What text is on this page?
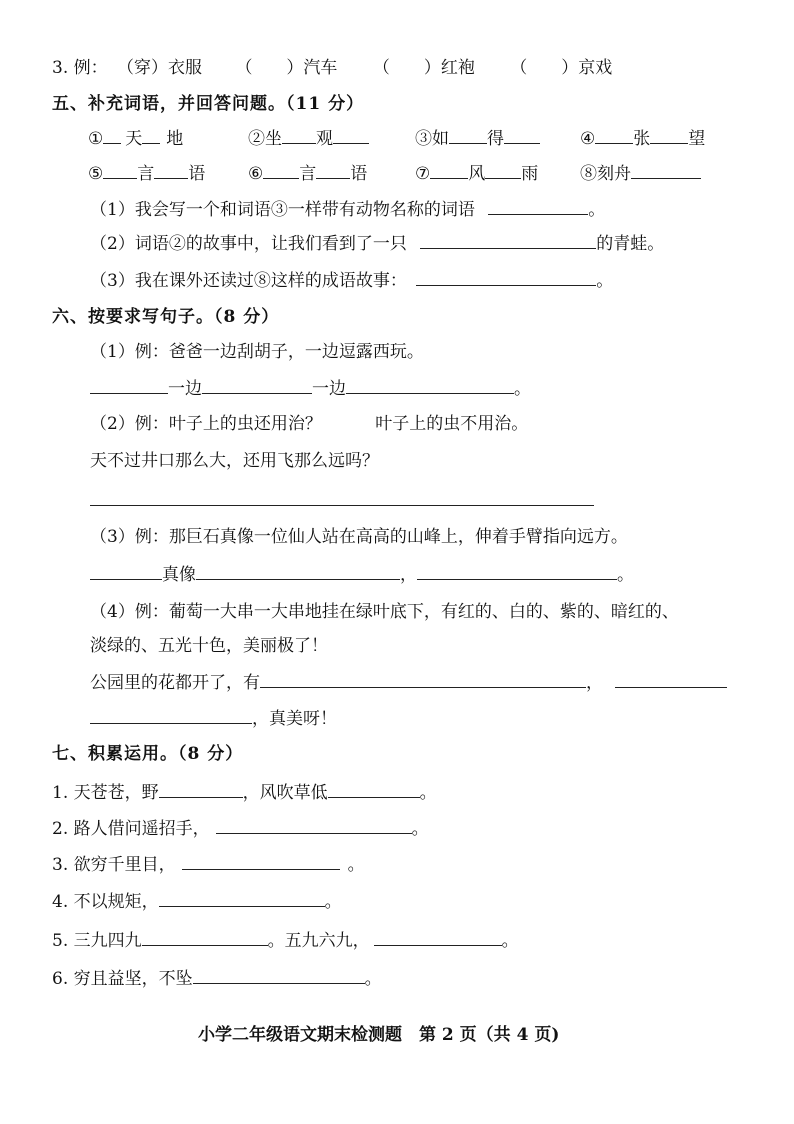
3. 例： （穿）衣服 （　　）汽车 （　　）红袍 （　　）京戏
五、补充词语，并回答问题。（11 分）
① 天 地	②坐 观	③如 得	④ 张 望
⑤ 言 语	⑥ 言 语	⑦ 风 雨 ⑧刻舟
（1）我会写一个和词语③一样带有动物名称的词语	。
（2）词语②的故事中，让我们看到了一只	的青蛙。
（3）我在课外还读过⑧这样的成语故事：	。
六、按要求写句子。（8 分）
（1）例：爸爸一边刮胡子，一边逗露西玩。
一边	一边	。
（2）例：叶子上的虫还用治？	叶子上的虫不用治。
天不过井口那么大，还用飞那么远吗？
（3）例：那巨石真像一位仙人站在高高的山峰上，伸着手臂指向远方。
真像	，	。
（4）例：葡萄一大串一大串地挂在绿叶底下，有红的、白的、紫的、暗红的、
淡绿的、五光十色，美丽极了！
公园里的花都开了，有	，
，真美呀！
七、积累运用。（8 分）
1. 天苍苍，野	，风吹草低	。
2. 路人借问遥招手，	。
3. 欲穷千里目，	。
4. 不以规矩，	。
5. 三九四九	。五九六九，	。
6. 穷且益坚，不坠	。
小学二年级语文期末检测题　第 2 页（共 4 页)
